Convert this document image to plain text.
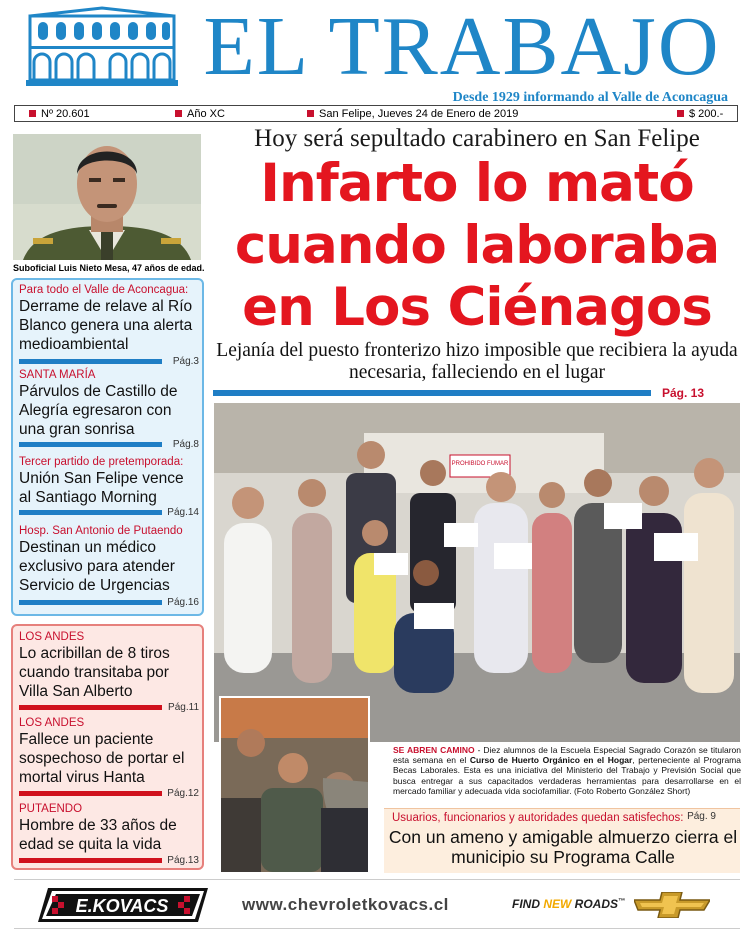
EL TRABAJO
Desde 1929 informando al Valle de Aconcagua
Nº 20.601	Año XC	San Felipe, Jueves 24 de Enero de 2019	$ 200.-
Suboficial Luis Nieto Mesa, 47 años de edad.
Para todo el Valle de Aconcagua:
Derrame de relave al Río Blanco genera una alerta medioambiental
Pág.3
SANTA MARÍA
Párvulos de Castillo de Alegría egresaron con una gran sonrisa
Pág.8
Tercer partido de pretemporada:
Unión San Felipe vence al Santiago Morning
Pág.14
Hosp. San Antonio de Putaendo
Destinan un médico exclusivo para atender Servicio de Urgencias
Pág.16
LOS ANDES
Lo acribillan de 8 tiros cuando transitaba por Villa San Alberto
Pág.11
LOS ANDES
Fallece un paciente sospechoso de portar el mortal virus Hanta
Pág.12
PUTAENDO
Hombre de 33 años de edad se quita la vida
Pág.13
Hoy será sepultado carabinero en San Felipe
Infarto lo mató
cuando laboraba
en Los Ciénagos
Lejanía del puesto fronterizo hizo imposible que recibiera la ayuda necesaria, falleciendo en el lugar
Pág. 13
PROHIBIDO FUMAR
SE ABREN CAMINO - Diez alumnos de la Escuela Especial Sagrado Corazón se titularon esta semana en el Curso de Huerto Orgánico en el Hogar, perteneciente al Programa Becas Laborales. Esta es una iniciativa del Ministerio del Trabajo y Previsión Social que busca entregar a sus capacitados verdaderas herramientas para desarrollarse en el mercado familiar y adecuada vida sociofamiliar. (Foto Roberto González Short)
Usuarios, funcionarios y autoridades quedan satisfechos: Pág. 9
Con un ameno y amigable almuerzo cierra el municipio su Programa Calle
E.KOVACS	www.chevroletkovacs.cl	FIND NEW ROADS™
